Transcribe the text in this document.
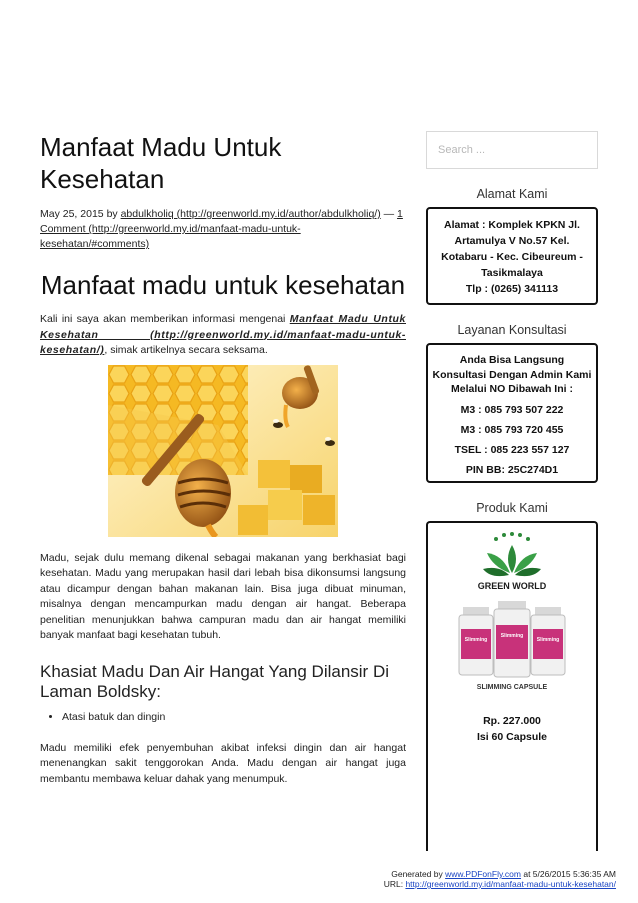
Manfaat Madu Untuk Kesehatan
May 25, 2015 by abdulkholiq (http://greenworld.my.id/author/abdulkholiq/) — 1 Comment (http://greenworld.my.id/manfaat-madu-untuk-kesehatan/#comments)
Manfaat madu untuk kesehatan

Kali ini saya akan memberikan informasi mengenai Manfaat Madu Untuk Kesehatan (http://greenworld.my.id/manfaat-madu-untuk-kesehatan/), simak artikelnya secara seksama.

Madu, sejak dulu memang dikenal sebagai makanan yang berkhasiat bagi kesehatan. Madu yang merupakan hasil dari lebah bisa dikonsumsi langsung atau dicampur dengan bahan makanan lain. Bisa juga dibuat minuman, misalnya dengan mencampurkan madu dengan air hangat. Beberapa penelitian menunjukkan bahwa campuran madu dan air hangat memiliki banyak manfaat bagi kesehatan tubuh.

Khasiat Madu Dan Air Hangat Yang Dilansir Di Laman Boldsky:
• Atasi batuk dan dingin

Madu memiliki efek penyembuhan akibat infeksi dingin dan air hangat menenangkan sakit tenggorokan Anda. Madu dengan air hangat juga membantu membawa keluar dahak yang menumpuk.

Search ...
Alamat Kami
Alamat : Komplek KPKN Jl. Artamulya V No.57 Kel. Kotabaru - Kec. Cibeureum - Tasikmalaya
Tlp : (0265) 341113
Layanan Konsultasi
Anda Bisa Langsung Konsultasi Dengan Admin Kami Melalui NO Dibawah Ini :
M3 : 085 793 507 222
M3 : 085 793 720 455
TSEL : 085 223 557 127
PIN BB: 25C274D1
Produk Kami
GREEN WORLD
Slimming
Slimming
Slimming
SLIMMING CAPSULE
Rp. 227.000
Isi 60 Capsule
Generated by www.PDFonFly.com at 5/26/2015 5:36:35 AM
URL: http://greenworld.my.id/manfaat-madu-untuk-kesehatan/
